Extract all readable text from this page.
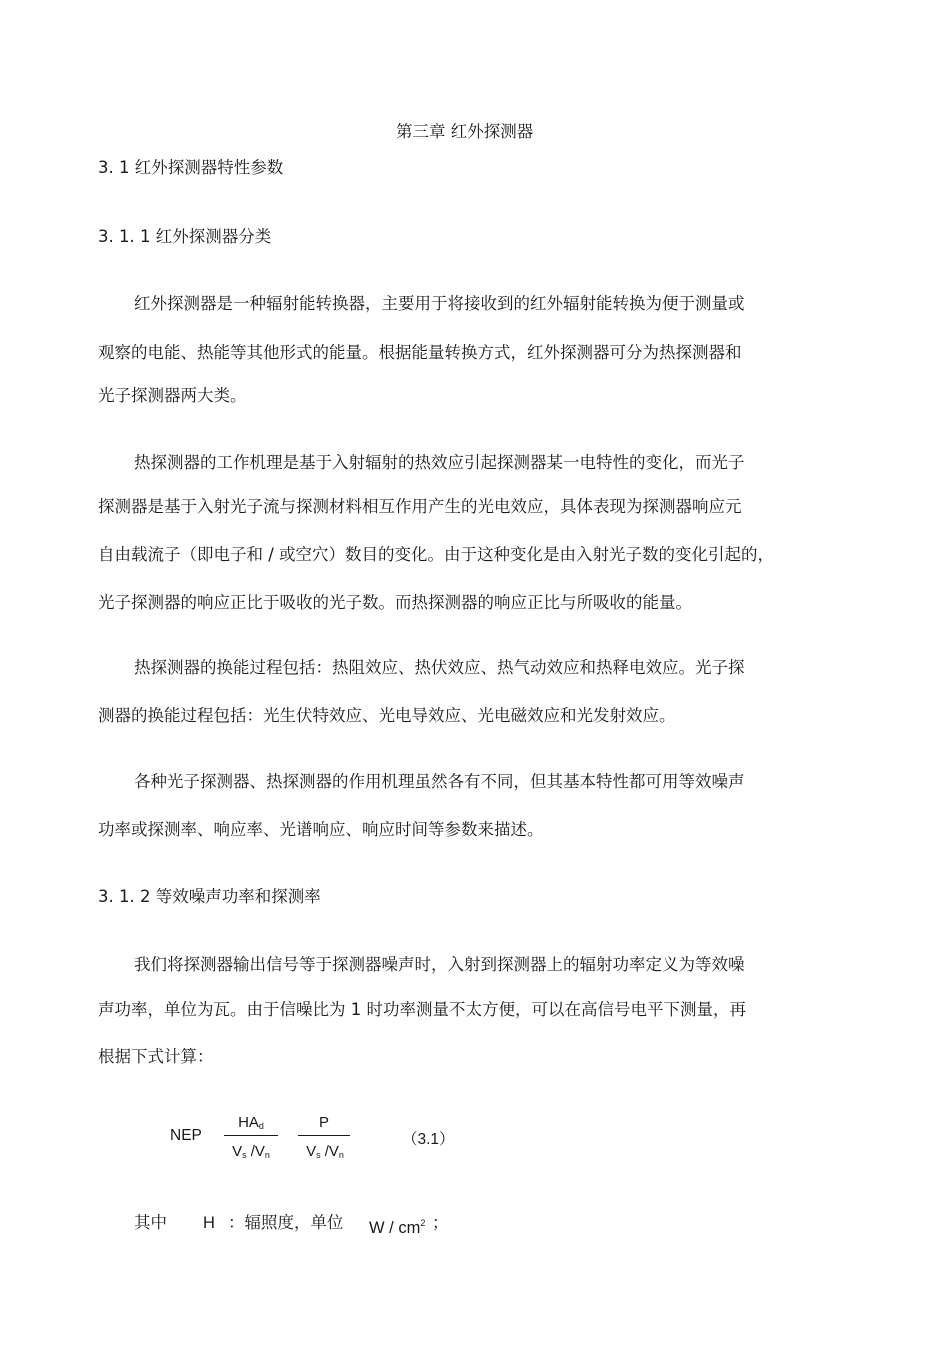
第三章 红外探测器
3. 1 红外探测器特性参数
3. 1. 1 红外探测器分类
红外探测器是一种辐射能转换器，主要用于将接收到的红外辐射能转换为便于测量或
观察的电能、热能等其他形式的能量。根据能量转换方式，红外探测器可分为热探测器和
光子探测器两大类。
热探测器的工作机理是基于入射辐射的热效应引起探测器某一电特性的变化，而光子
探测器是基于入射光子流与探测材料相互作用产生的光电效应，具体表现为探测器响应元
自由载流子（即电子和 / 或空穴）数目的变化。由于这种变化是由入射光子数的变化引起的，
光子探测器的响应正比于吸收的光子数。而热探测器的响应正比与所吸收的能量。
热探测器的换能过程包括：热阻效应、热伏效应、热气动效应和热释电效应。光子探
测器的换能过程包括：光生伏特效应、光电导效应、光电磁效应和光发射效应。
各种光子探测器、热探测器的作用机理虽然各有不同，但其基本特性都可用等效噪声
功率或探测率、响应率、光谱响应、响应时间等参数来描述。
3. 1. 2 等效噪声功率和探测率
我们将探测器输出信号等于探测器噪声时，入射到探测器上的辐射功率定义为等效噪
声功率，单位为瓦。由于信噪比为 1 时功率测量不太方便，可以在高信号电平下测量，再
根据下式计算：
NEP
$HA_d$
$V_s$ $/V_n$
P
$V_s$ $/V_n$
（3.1）
其中 H ：辐照度，单位 W / $cm^2$ ；
